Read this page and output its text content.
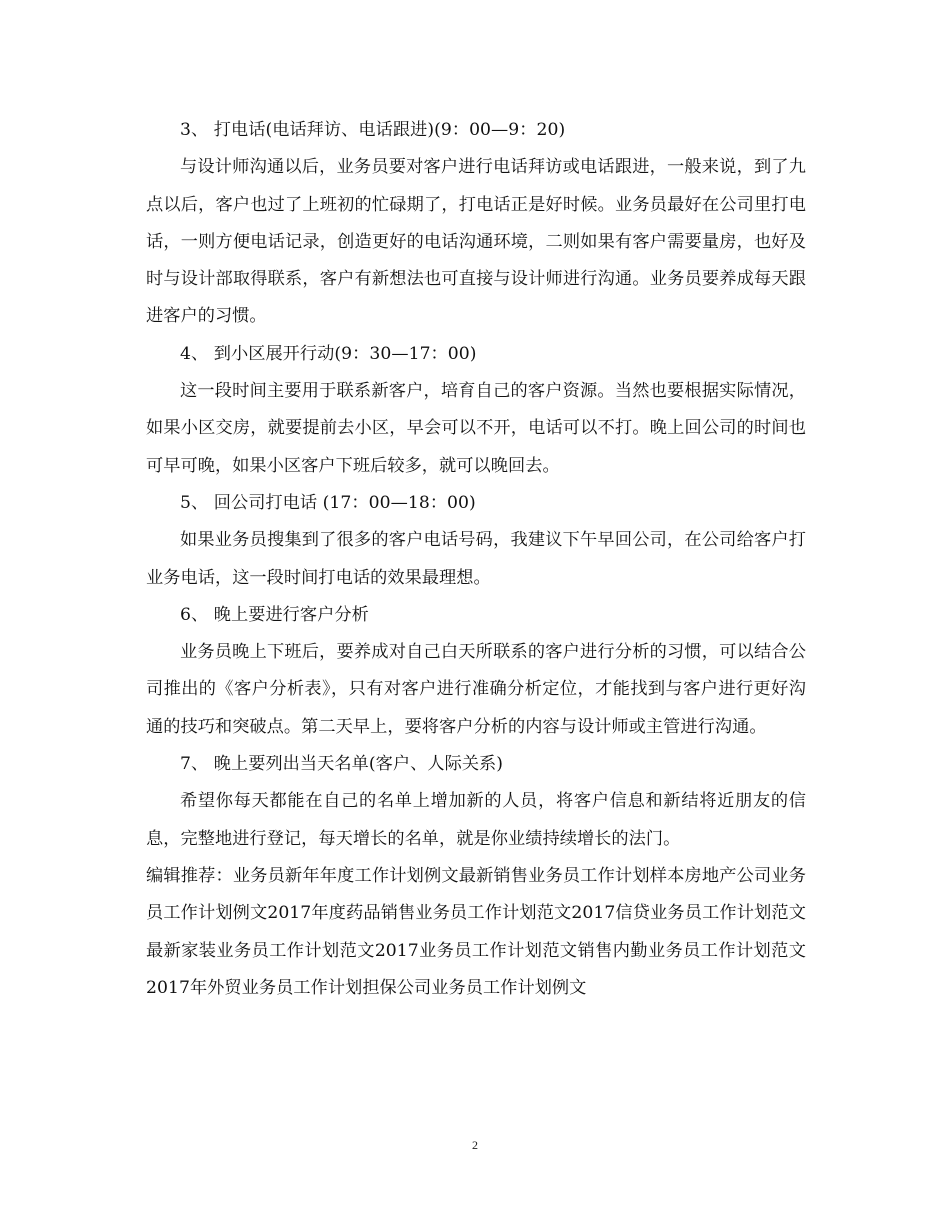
3、 打电话(电话拜访、电话跟进)(9：00—9：20)

与设计师沟通以后，业务员要对客户进行电话拜访或电话跟进，一般来说，到了九点以后，客户也过了上班初的忙碌期了，打电话正是好时候。业务员最好在公司里打电话，一则方便电话记录，创造更好的电话沟通环境，二则如果有客户需要量房，也好及时与设计部取得联系，客户有新想法也可直接与设计师进行沟通。业务员要养成每天跟进客户的习惯。

4、 到小区展开行动(9：30—17：00)

这一段时间主要用于联系新客户，培育自己的客户资源。当然也要根据实际情况，如果小区交房，就要提前去小区，早会可以不开，电话可以不打。晚上回公司的时间也可早可晚，如果小区客户下班后较多，就可以晚回去。

5、 回公司打电话 (17：00—18：00)

如果业务员搜集到了很多的客户电话号码，我建议下午早回公司，在公司给客户打业务电话，这一段时间打电话的效果最理想。

6、 晚上要进行客户分析

业务员晚上下班后，要养成对自己白天所联系的客户进行分析的习惯，可以结合公司推出的《客户分析表》，只有对客户进行准确分析定位，才能找到与客户进行更好沟通的技巧和突破点。第二天早上，要将客户分析的内容与设计师或主管进行沟通。

7、 晚上要列出当天名单(客户、人际关系)

希望你每天都能在自己的名单上增加新的人员，将客户信息和新结将近朋友的信息，完整地进行登记，每天增长的名单，就是你业绩持续增长的法门。

编辑推荐：业务员新年年度工作计划例文最新销售业务员工作计划样本房地产公司业务员工作计划例文2017年度药品销售业务员工作计划范文2017信贷业务员工作计划范文最新家装业务员工作计划范文2017业务员工作计划范文销售内勤业务员工作计划范文2017年外贸业务员工作计划担保公司业务员工作计划例文

2
